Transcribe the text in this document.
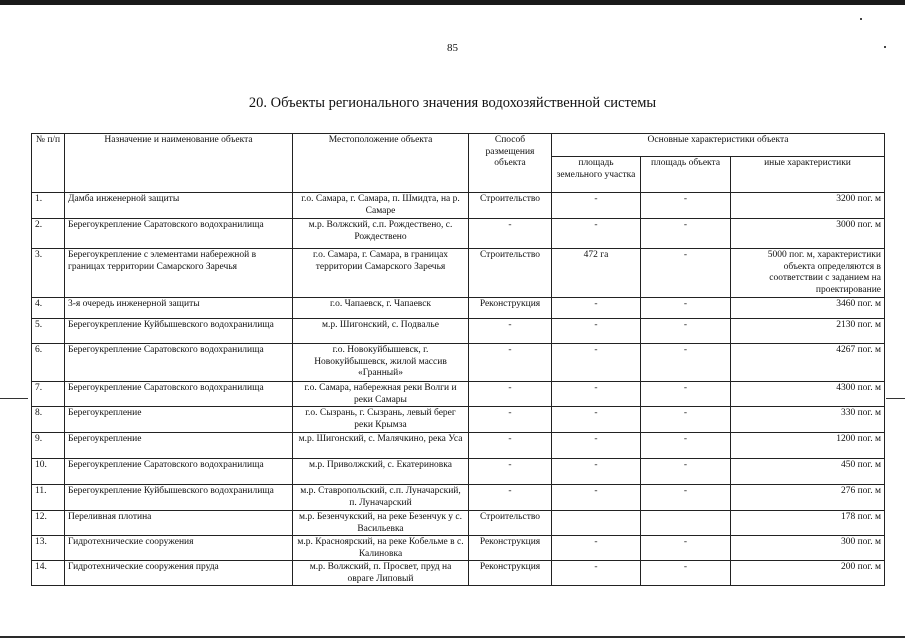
85
20. Объекты регионального значения водохозяйственной системы
№ п/п	Назначение и наименование объекта	Местоположение объекта	Способ размещения объекта	Основные характеристики объекта		
				площадь земельного участка	площадь объекта	иные характеристики
1.	Дамба инженерной защиты	г.о. Самара, г. Самара, п. Шмидта, на р. Самаре	Строительство	-	-	3200 пог. м
2.	Берегоукрепление Саратовского водохранилища	м.р. Волжский, с.п. Рождествено, с. Рождествено	-	-	-	3000 пог. м
3.	Берегоукрепление с элементами набережной в границах территории Самарского Заречья	г.о. Самара, г. Самара, в границах территории Самарского Заречья	Строительство	472 га	-	5000 пог. м, характеристики объекта определяются в соответствии с заданием на проектирование
4.	3-я очередь инженерной защиты	г.о. Чапаевск, г. Чапаевск	Реконструкция	-	-	3460 пог. м
5.	Берегоукрепление Куйбышевского водохранилища	м.р. Шигонский, с. Подвалье	-	-	-	2130 пог. м
6.	Берегоукрепление Саратовского водохранилища	г.о. Новокуйбышевск, г. Новокуйбышевск, жилой массив «Гранный»	-	-	-	4267 пог. м
7.	Берегоукрепление Саратовского водохранилища	г.о. Самара, набережная реки Волги и реки Самары	-	-	-	4300 пог. м
8.	Берегоукрепление	г.о. Сызрань, г. Сызрань, левый берег реки Крымза	-	-	-	330 пог. м
9.	Берегоукрепление	м.р. Шигонский, с. Малячкино, река Уса	-	-	-	1200 пог. м
10.	Берегоукрепление Саратовского водохранилища	м.р. Приволжский, с. Екатериновка	-	-	-	450 пог. м
11.	Берегоукрепление Куйбышевского водохранилища	м.р. Ставропольский, с.п. Луначарский, п. Луначарский	-	-	-	276 пог. м
12.	Переливная плотина	м.р. Безенчукский, на реке Безенчук у с. Васильевка	Строительство			178 пог. м
13.	Гидротехнические сооружения	м.р. Красноярский, на реке Кобельме в с. Калиновка	Реконструкция	-	-	300 пог. м
14.	Гидротехнические сооружения пруда	м.р. Волжский, п. Просвет, пруд на овраге Липовый	Реконструкция	-	-	200 пог. м
